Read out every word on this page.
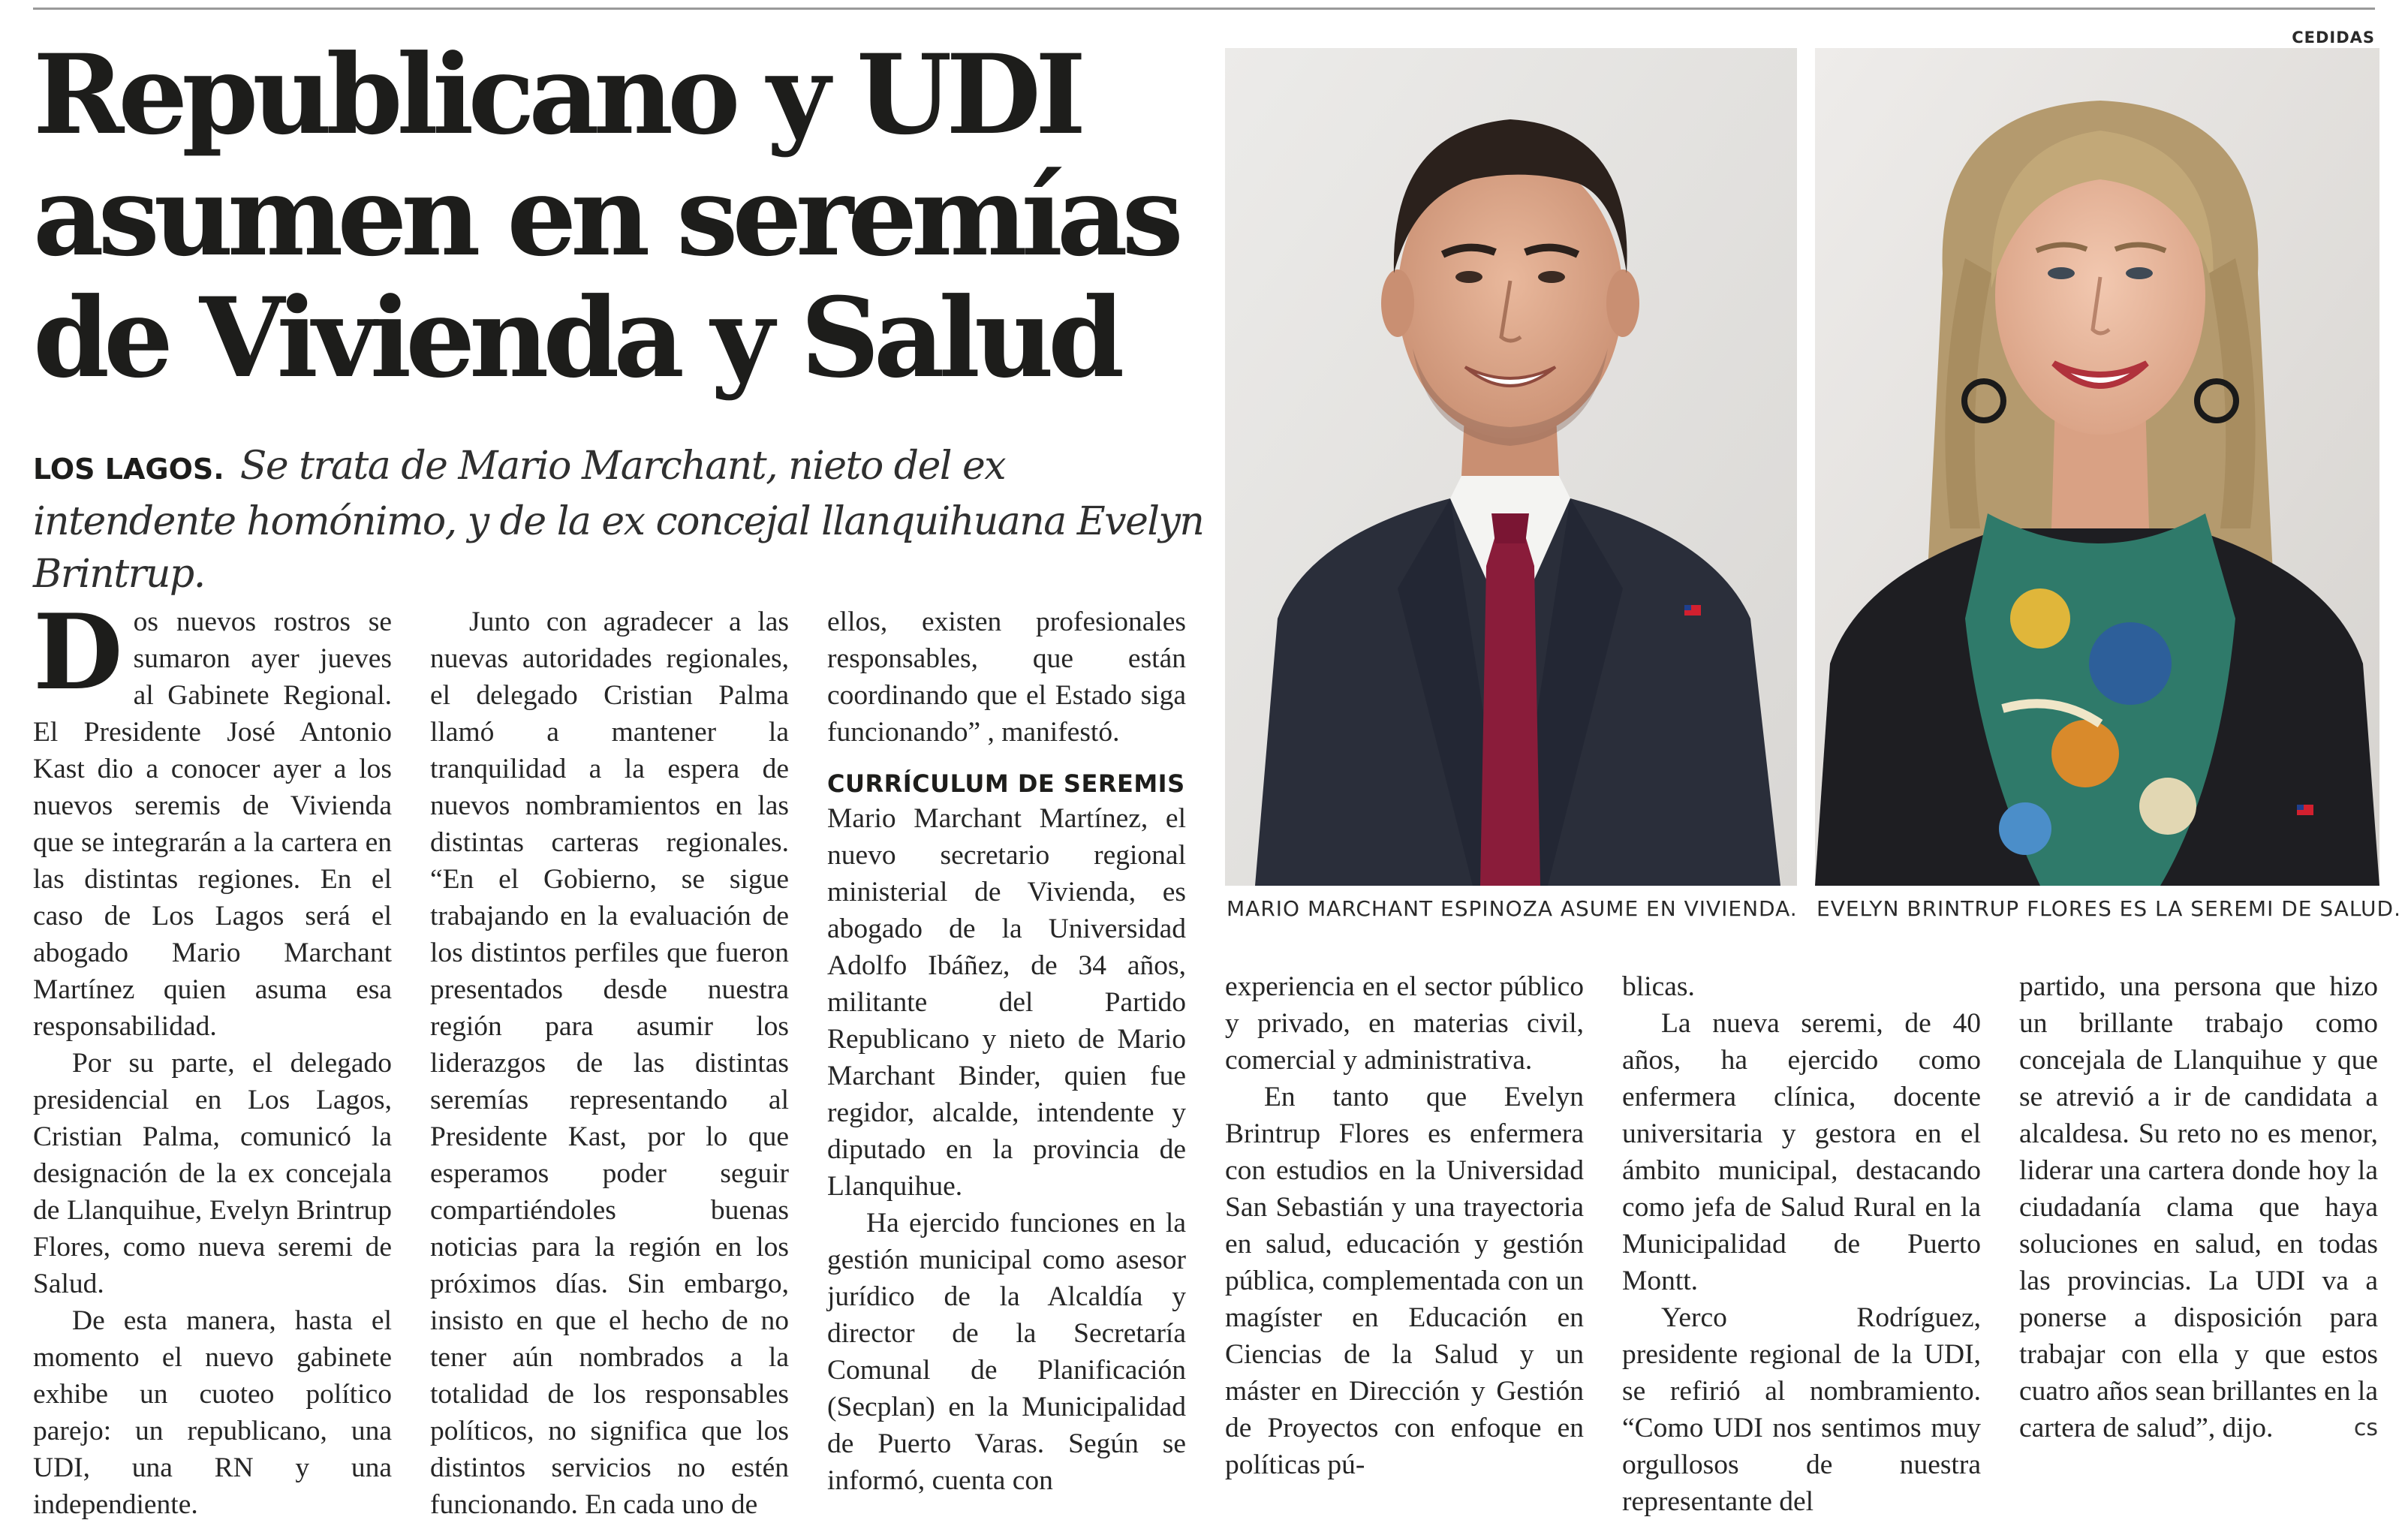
CEDIDAS
Republicano y UDI
asumen en seremías
de Vivienda y Salud
LOS LAGOS. Se trata de Mario Marchant, nieto del ex intendente homónimo, y de la ex concejal llanquihuana Evelyn Brintrup.

Dos nuevos rostros se sumaron ayer jueves al Gabinete Regional. El Presidente José Antonio Kast dio a conocer ayer a los nuevos seremis de Vivienda que se integrarán a la cartera en las distintas regiones. En el caso de Los Lagos será el abogado Mario Marchant Martínez quien asuma esa responsabilidad.

Por su parte, el delegado presidencial en Los Lagos, Cristian Palma, comunicó la designación de la ex concejala de Llanquihue, Evelyn Brintrup Flores, como nueva seremi de Salud.

De esta manera, hasta el momento el nuevo gabinete exhibe un cuoteo político parejo: un republicano, una UDI, una RN y una independiente.

Junto con agradecer a las nuevas autoridades regionales, el delegado Cristian Palma llamó a mantener la tranquilidad a la espera de nuevos nombramientos en las distintas carteras regionales. “En el Gobierno, se sigue trabajando en la evaluación de los distintos perfiles que fueron presentados desde nuestra región para asumir los liderazgos de las distintas seremías representando al Presidente Kast, por lo que esperamos poder seguir compartiéndoles buenas noticias para la región en los próximos días. Sin embargo, insisto en que el hecho de no tener aún nombrados a la totalidad de los responsables políticos, no significa que los distintos servicios no estén funcionando. En cada uno de

ellos, existen profesionales responsables, que están coordinando que el Estado siga funcionando” , manifestó.

CURRÍCULUM DE SEREMIS

Mario Marchant Martínez, el nuevo secretario regional ministerial de Vivienda, es abogado de la Universidad Adolfo Ibáñez, de 34 años, militante del Partido Republicano y nieto de Mario Marchant Binder, quien fue regidor, alcalde, intendente y diputado en la provincia de Llanquihue.

Ha ejercido funciones en la gestión municipal como asesor jurídico de la Alcaldía y director de la Secretaría Comunal de Planificación (Secplan) en la Municipalidad de Puerto Varas. Según se informó, cuenta con

experiencia en el sector público y privado, en materias civil, comercial y administrativa.

En tanto que Evelyn Brintrup Flores es enfermera con estudios en la Universidad San Sebastián y una trayectoria en salud, educación y gestión pública, complementada con un magíster en Educación en Ciencias de la Salud y un máster en Dirección y Gestión de Proyectos con enfoque en políticas pú-

blicas.

La nueva seremi, de 40 años, ha ejercido como enfermera clínica, docente universitaria y gestora en el ámbito municipal, destacando como jefa de Salud Rural en la Municipalidad de Puerto Montt.

Yerco Rodríguez, presidente regional de la UDI, se refirió al nombramiento. “Como UDI nos sentimos muy orgullosos de nuestra representante del

partido, una persona que hizo un brillante trabajo como concejala de Llanquihue y que se atrevió a ir de candidata a alcaldesa. Su reto no es menor, liderar una cartera donde hoy la ciudadanía clama que haya soluciones en salud, en todas las provincias. La UDI va a ponerse a disposición para trabajar con ella y que estos cuatro años sean brillantes en la cartera de salud”, dijo.	cs

MARIO MARCHANT ESPINOZA ASUME EN VIVIENDA. EVELYN BRINTRUP FLORES ES LA SEREMI DE SALUD.
